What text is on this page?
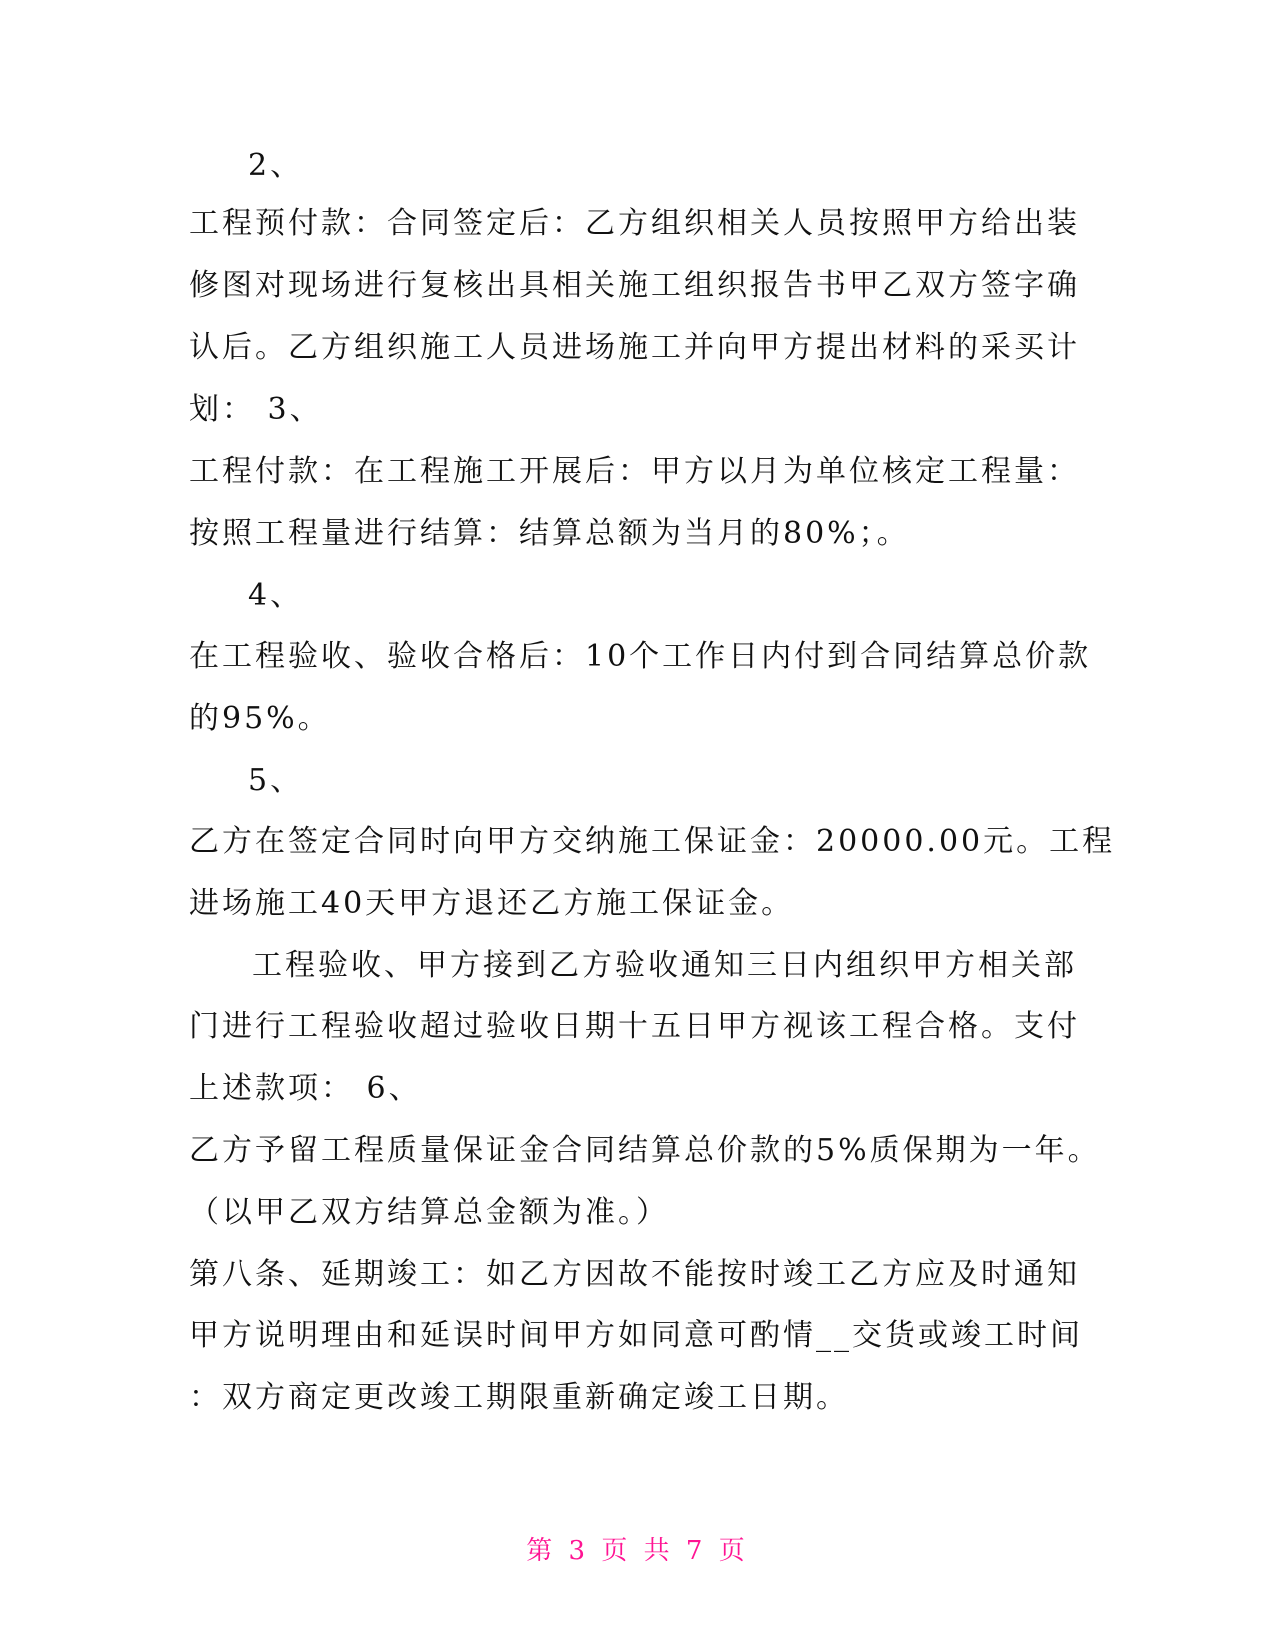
2、

工程预付款：合同签定后：乙方组织相关人员按照甲方给出装

修图对现场进行复核出具相关施工组织报告书甲乙双方签字确

认后。乙方组织施工人员进场施工并向甲方提出材料的采买计

划： 3、

工程付款：在工程施工开展后：甲方以月为单位核定工程量：

按照工程量进行结算：结算总额为当月的80%；。

4、

在工程验收、验收合格后：10个工作日内付到合同结算总价款

的95%。

5、

乙方在签定合同时向甲方交纳施工保证金：20000.00元。工程

进场施工40天甲方退还乙方施工保证金。

工程验收、甲方接到乙方验收通知三日内组织甲方相关部

门进行工程验收超过验收日期十五日甲方视该工程合格。支付

上述款项： 6、

乙方予留工程质量保证金合同结算总价款的5%质保期为一年。

（以甲乙双方结算总金额为准。）

第八条、延期竣工：如乙方因故不能按时竣工乙方应及时通知

甲方说明理由和延误时间甲方如同意可酌情__交货或竣工时间

：双方商定更改竣工期限重新确定竣工日期。

第 3 页 共 7 页
